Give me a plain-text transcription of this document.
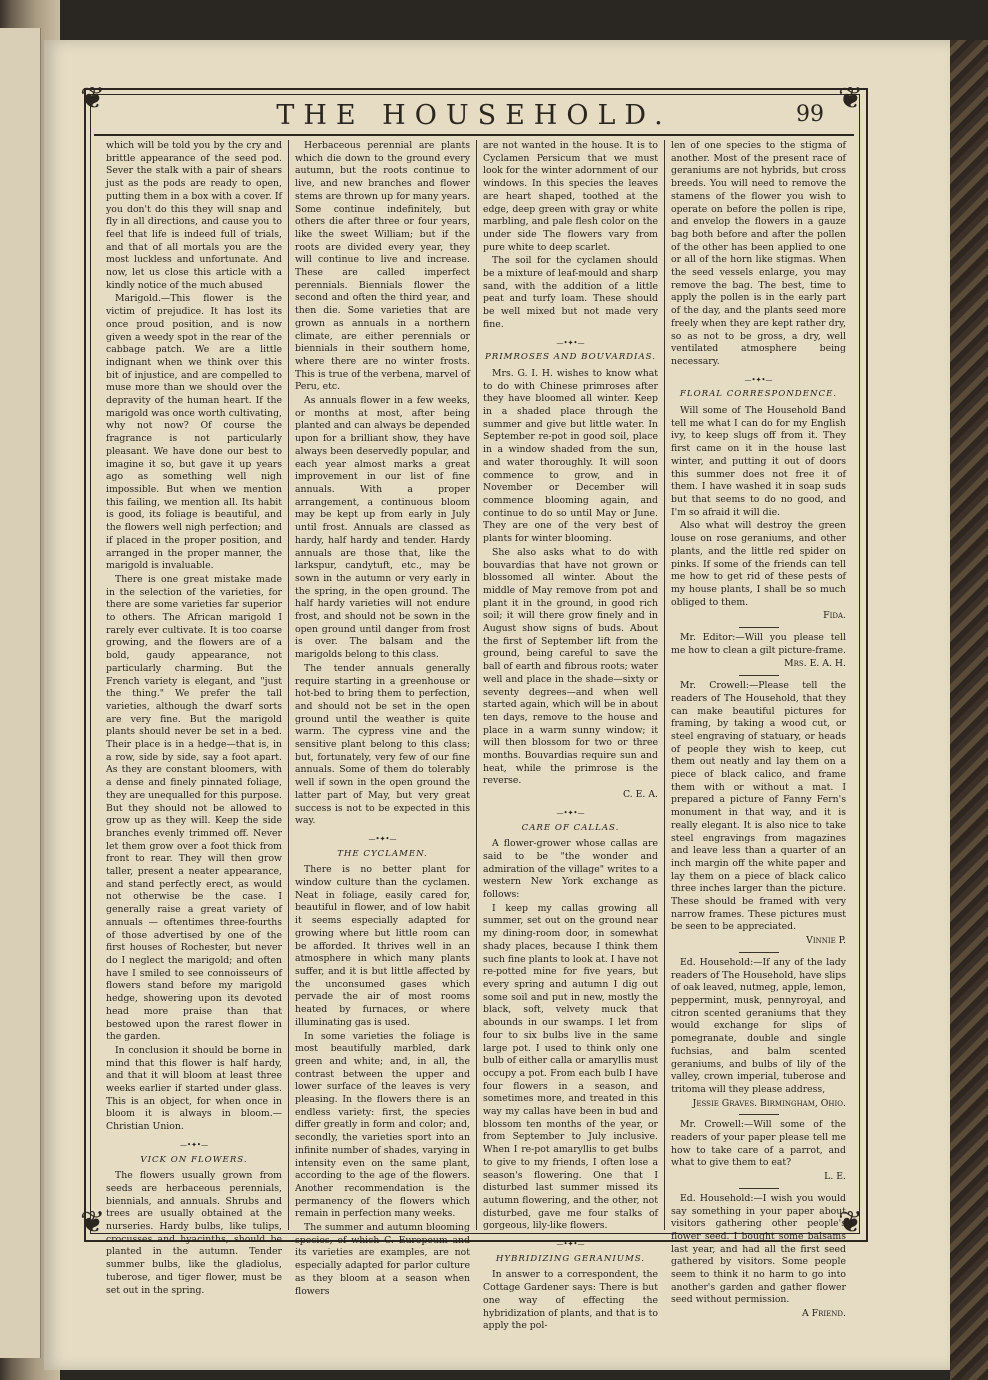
❦	❦
❦	❦
THE HOUSEHOLD.	99

which will be told you by the cry and brittle appearance of the seed pod. Sever the stalk with a pair of shears just as the pods are ready to open, putting them in a box with a cover. If you don't do this they will snap and fly in all directions, and cause you to feel that life is indeed full of trials, and that of all mortals you are the most luckless and unfortunate. And now, let us close this article with a kindly notice of the much abused

Marigold.—This flower is the victim of prejudice. It has lost its once proud position, and is now given a weedy spot in the rear of the cabbage patch. We are a little indignant when we think over this bit of injustice, and are compelled to muse more than we should over the depravity of the human heart. If the marigold was once worth cultivating, why not now? Of course the fragrance is not particularly pleasant. We have done our best to imagine it so, but gave it up years ago as something well nigh impossible. But when we mention this failing, we mention all. Its habit is good, its foliage is beautiful, and the flowers well nigh perfection; and if placed in the proper position, and arranged in the proper manner, the marigold is invaluable.

There is one great mistake made in the selection of the varieties, for there are some varieties far superior to others. The African marigold I rarely ever cultivate. It is too coarse growing, and the flowers are of a bold, gaudy appearance, not particularly charming. But the French variety is elegant, and "just the thing." We prefer the tall varieties, although the dwarf sorts are very fine. But the marigold plants should never be set in a bed. Their place is in a hedge—that is, in a row, side by side, say a foot apart. As they are constant bloomers, with a dense and finely pinnated foliage, they are unequalled for this purpose. But they should not be allowed to grow up as they will. Keep the side branches evenly trimmed off. Never let them grow over a foot thick from front to rear. They will then grow taller, present a neater appearance, and stand perfectly erect, as would not otherwise be the case. I generally raise a great variety of annuals — oftentimes three-fourths of those advertised by one of the first houses of Rochester, but never do I neglect the marigold; and often have I smiled to see connoisseurs of flowers stand before my marigold hedge, showering upon its devoted head more praise than that bestowed upon the rarest flower in the garden.

In conclusion it should be borne in mind that this flower is half hardy, and that it will bloom at least three weeks earlier if started under glass. This is an object, for when once in bloom it is always in bloom.—Christian Union.

—•✦•— VICK ON FLOWERS.

The flowers usually grown from seeds are herbaceous perennials, biennials, and annuals. Shrubs and trees are usually obtained at the nurseries. Hardy bulbs, like tulips, crocusses and hyacinths, should be planted in the autumn. Tender summer bulbs, like the gladiolus, tuberose, and tiger flower, must be set out in the spring.

Herbaceous perennial are plants which die down to the ground every autumn, but the roots continue to live, and new branches and flower stems are thrown up for many years. Some continue indefinitely, but others die after three or four years, like the sweet William; but if the roots are divided every year, they will continue to live and increase. These are called imperfect perennials. Biennials flower the second and often the third year, and then die. Some varieties that are grown as annuals in a northern climate, are either perennials or biennials in their southern home, where there are no winter frosts. This is true of the verbena, marvel of Peru, etc.

As annuals flower in a few weeks, or months at most, after being planted and can always be depended upon for a brilliant show, they have always been deservedly popular, and each year almost marks a great improvement in our list of fine annuals. With a proper arrangement, a continuous bloom may be kept up from early in July until frost. Annuals are classed as hardy, half hardy and tender. Hardy annuals are those that, like the larkspur, candytuft, etc., may be sown in the autumn or very early in the spring, in the open ground. The half hardy varieties will not endure frost, and should not be sown in the open ground until danger from frost is over. The balsam and the marigolds belong to this class.

The tender annuals generally require starting in a greenhouse or hot-bed to bring them to perfection, and should not be set in the open ground until the weather is quite warm. The cypress vine and the sensitive plant belong to this class; but, fortunately, very few of our fine annuals. Some of them do tolerably well if sown in the open ground the latter part of May, but very great success is not to be expected in this way.

—•✦•— THE CYCLAMEN.

There is no better plant for window culture than the cyclamen. Neat in foliage, easily cared for, beautiful in flower, and of low habit it seems especially adapted for growing where but little room can be afforded. It thrives well in an atmosphere in which many plants suffer, and it is but little affected by the unconsumed gases which pervade the air of most rooms heated by furnaces, or where illuminating gas is used.

In some varieties the foliage is most beautifully marbled, dark green and white; and, in all, the contrast between the upper and lower surface of the leaves is very pleasing. In the flowers there is an endless variety: first, the species differ greatly in form and color; and, secondly, the varieties sport into an infinite number of shades, varying in intensity even on the same plant, according to the age of the flowers. Another recommendation is the permanency of the flowers which remain in perfection many weeks.

The summer and autumn blooming species, of which C. Europeum and its varieties are examples, are not especially adapted for parlor culture as they bloom at a season when flowers

are not wanted in the house. It is to Cyclamen Persicum that we must look for the winter adornment of our windows. In this species the leaves are heart shaped, toothed at the edge, deep green with gray or white marbling, and pale flesh color on the under side The flowers vary from pure white to deep scarlet.

The soil for the cyclamen should be a mixture of leaf-mould and sharp sand, with the addition of a little peat and turfy loam. These should be well mixed but not made very fine.

—•✦•— PRIMROSES AND BOUVARDIAS.

Mrs. G. I. H. wishes to know what to do with Chinese primroses after they have bloomed all winter. Keep in a shaded place through the summer and give but little water. In September re-pot in good soil, place in a window shaded from the sun, and water thoroughly. It will soon commence to grow, and in November or December will commence blooming again, and continue to do so until May or June. They are one of the very best of plants for winter blooming.

She also asks what to do with bouvardias that have not grown or blossomed all winter. About the middle of May remove from pot and plant it in the ground, in good rich soil; it will there grow finely and in August show signs of buds. About the first of September lift from the ground, being careful to save the ball of earth and fibrous roots; water well and place in the shade—sixty or seventy degrees—and when well started again, which will be in about ten days, remove to the house and place in a warm sunny window; it will then blossom for two or three months. Bouvardias require sun and heat, while the primrose is the reverse.

C. E. A.

—•✦•— CARE OF CALLAS.

A flower-grower whose callas are said to be "the wonder and admiration of the village" writes to a western New York exchange as follows:

I keep my callas growing all summer, set out on the ground near my dining-room door, in somewhat shady places, because I think them such fine plants to look at. I have not re-potted mine for five years, but every spring and autumn I dig out some soil and put in new, mostly the black, soft, velvety muck that abounds in our swamps. I let from four to six bulbs live in the same large pot. I used to think only one bulb of either calla or amaryllis must occupy a pot. From each bulb I have four flowers in a season, and sometimes more, and treated in this way my callas have been in bud and blossom ten months of the year, or from September to July inclusive. When I re-pot amaryllis to get bulbs to give to my friends, I often lose a season's flowering. One that I disturbed last summer missed its autumn flowering, and the other, not disturbed, gave me four stalks of gorgeous, lily-like flowers.

—•✦•— HYBRIDIZING GERANIUMS.

In answer to a correspondent, the Cottage Gardener says: There is but one way of effecting the hybridization of plants, and that is to apply the pol-

len of one species to the stigma of another. Most of the present race of geraniums are not hybrids, but cross breeds. You will need to remove the stamens of the flower you wish to operate on before the pollen is ripe, and envelop the flowers in a gauze bag both before and after the pollen of the other has been applied to one or all of the horn like stigmas. When the seed vessels enlarge, you may remove the bag. The best, time to apply the pollen is in the early part of the day, and the plants seed more freely when they are kept rather dry, so as not to be gross, a dry, well ventilated atmosphere being necessary.

—•✦•— FLORAL CORRESPONDENCE.

Will some of The Household Band tell me what I can do for my English ivy, to keep slugs off from it. They first came on it in the house last winter, and putting it out of doors this summer does not free it of them. I have washed it in soap suds but that seems to do no good, and I'm so afraid it will die.

Also what will destroy the green louse on rose geraniums, and other plants, and the little red spider on pinks. If some of the friends can tell me how to get rid of these pests of my house plants, I shall be so much obliged to them.

Fida.

Mr. Editor:—Will you please tell me how to clean a gilt picture-frame.

Mrs. E. A. H.

Mr. Crowell:—Please tell the readers of The Household, that they can make beautiful pictures for framing, by taking a wood cut, or steel engraving of statuary, or heads of people they wish to keep, cut them out neatly and lay them on a piece of black calico, and frame them with or without a mat. I prepared a picture of Fanny Fern's monument in that way, and it is really elegant. It is also nice to take steel engravings from magazines and leave less than a quarter of an inch margin off the white paper and lay them on a piece of black calico three inches larger than the picture. These should be framed with very narrow frames. These pictures must be seen to be appreciated.

Vinnie P.

Ed. Household:—If any of the lady readers of The Household, have slips of oak leaved, nutmeg, apple, lemon, peppermint, musk, pennyroyal, and citron scented geraniums that they would exchange for slips of pomegranate, double and single fuchsias, and balm scented geraniums, and bulbs of lily of the valley, crown imperial, tuberose and tritoma will they please address,

Jessie Graves. Birmingham, Ohio.

Mr. Crowell:—Will some of the readers of your paper please tell me how to take care of a parrot, and what to give them to eat?

L. E.

Ed. Household:—I wish you would say something in your paper about visitors gathering other people's flower seed. I bought some balsams last year, and had all the first seed gathered by visitors. Some people seem to think it no harm to go into another's garden and gather flower seed without permission.

A Friend.
